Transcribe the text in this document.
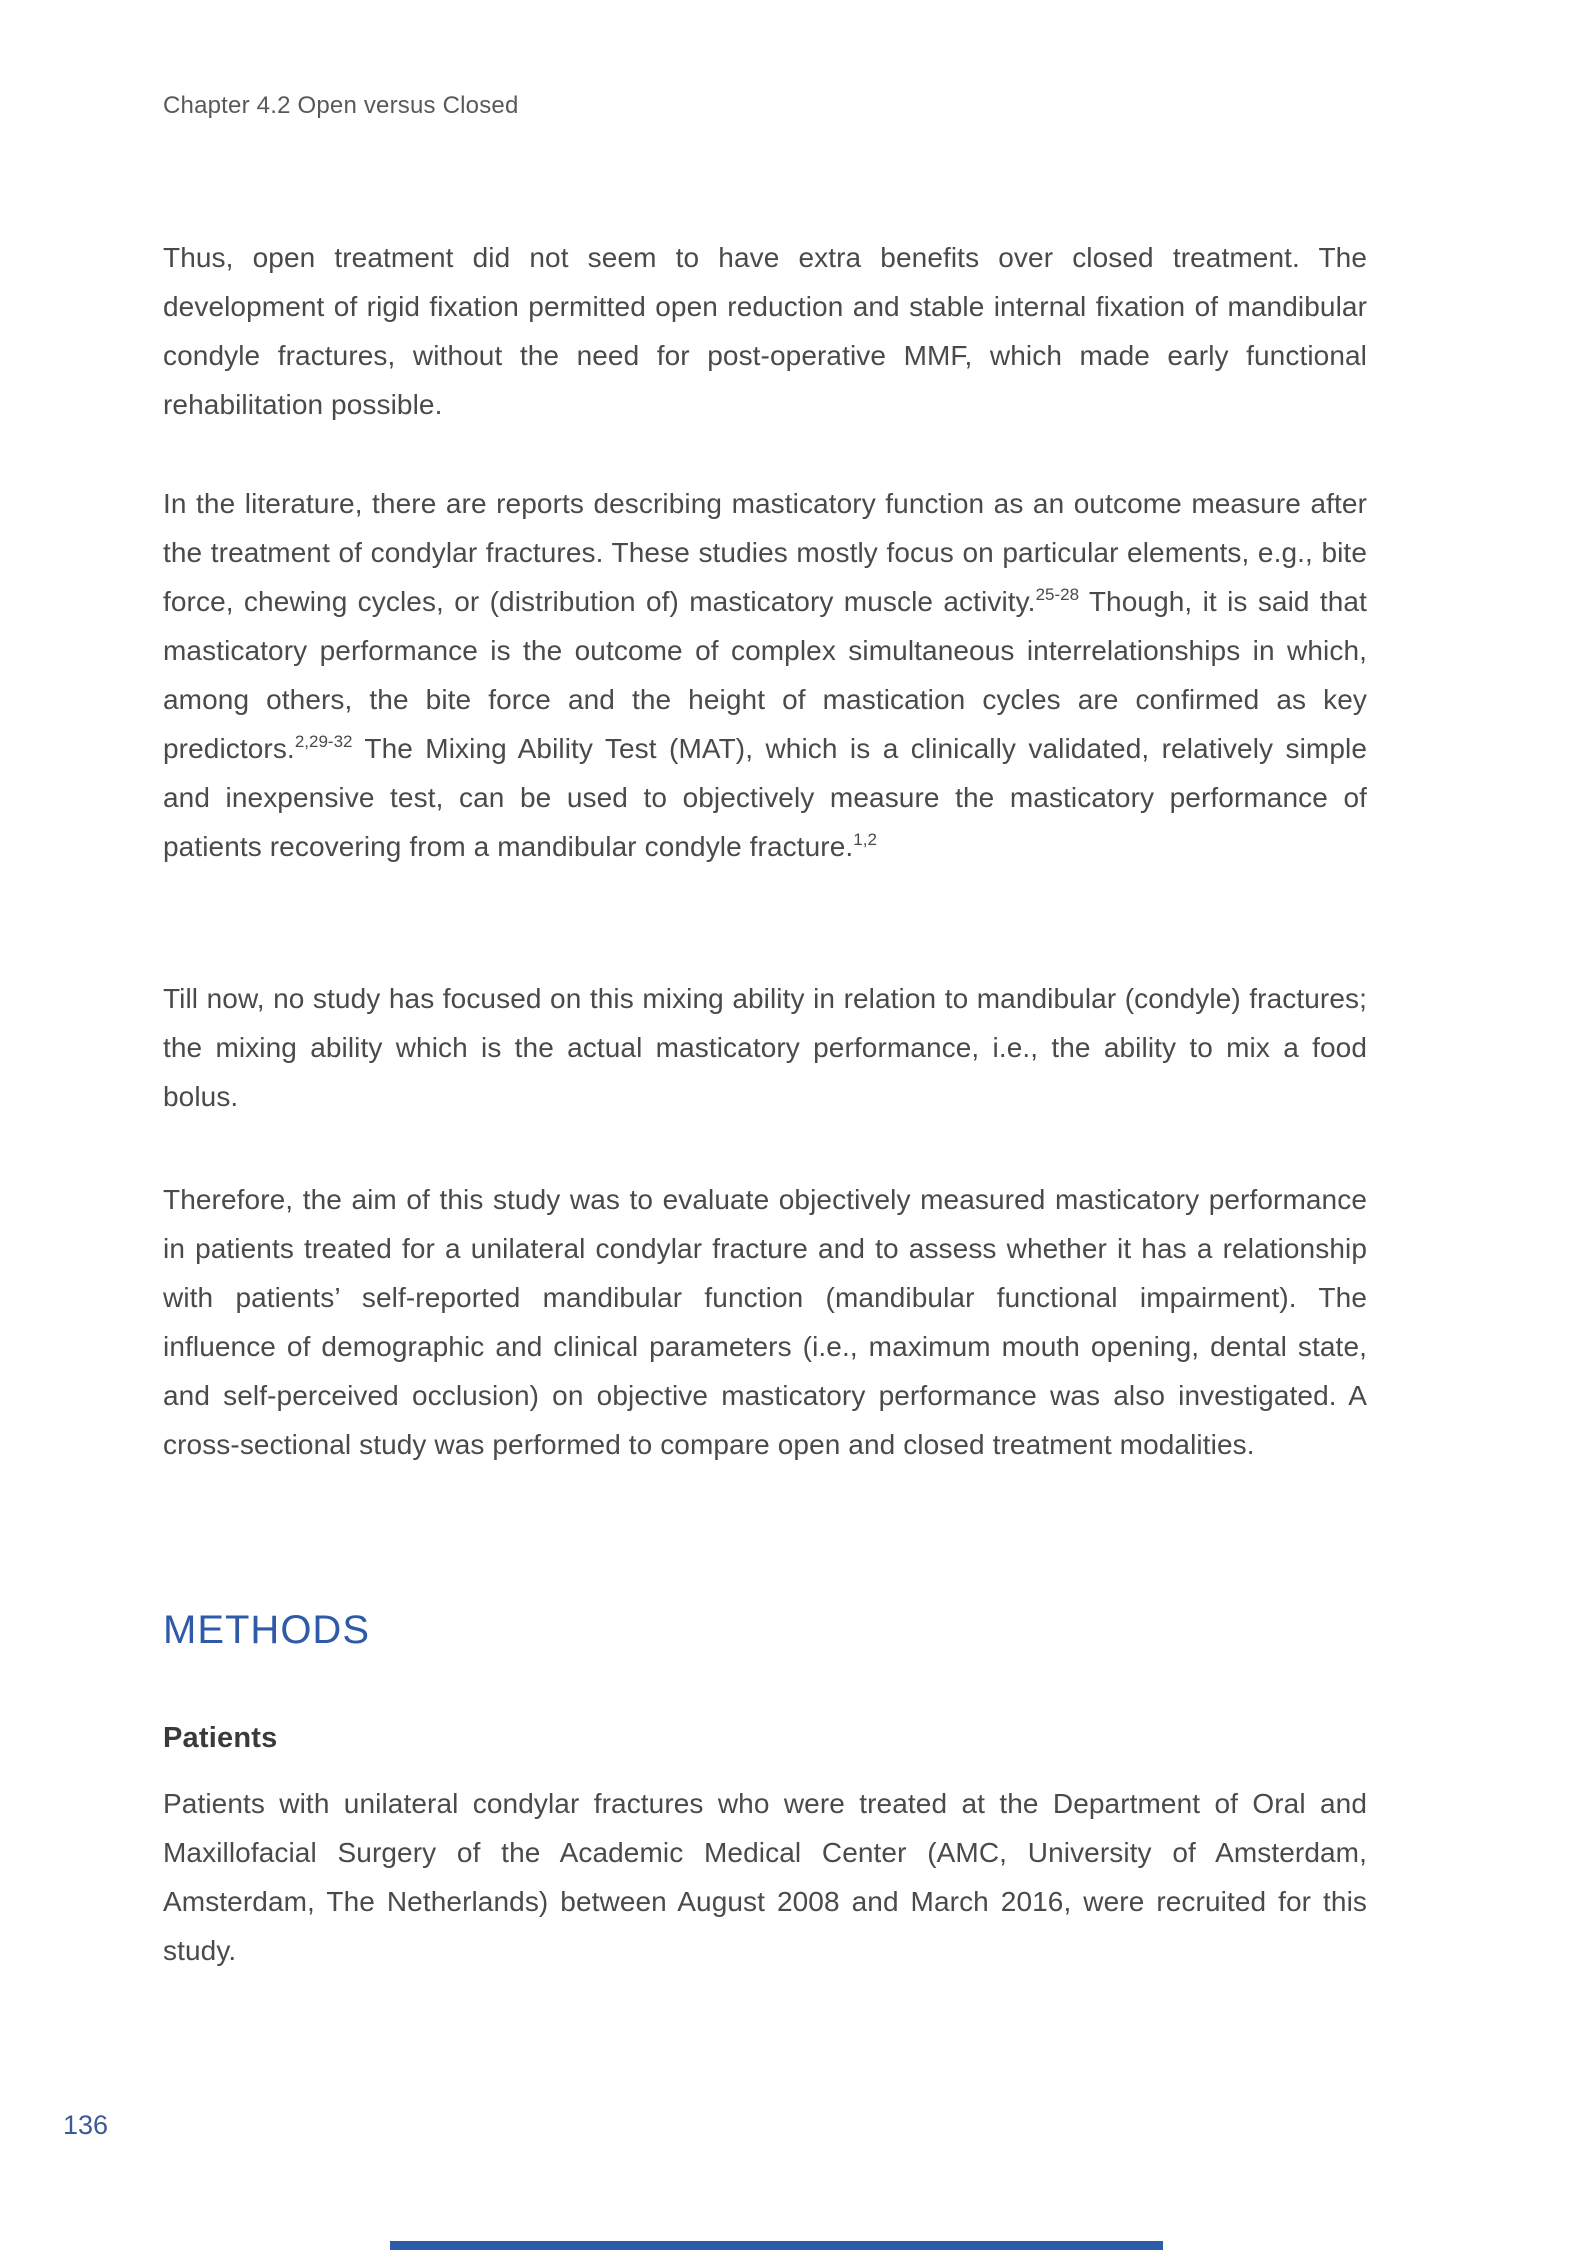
Chapter 4.2 Open versus Closed

Thus, open treatment did not seem to have extra benefits over closed treatment. The development of rigid fixation permitted open reduction and stable internal fixation of mandibular condyle fractures, without the need for post-operative MMF, which made early functional rehabilitation possible.

In the literature, there are reports describing masticatory function as an outcome measure after the treatment of condylar fractures. These studies mostly focus on particular elements, e.g., bite force, chewing cycles, or (distribution of) masticatory muscle activity.$^{25-28}$ Though, it is said that masticatory performance is the outcome of complex simultaneous interrelationships in which, among others, the bite force and the height of mastication cycles are confirmed as key predictors.$^{2,29-32}$ The Mixing Ability Test (MAT), which is a clinically validated, relatively simple and inexpensive test, can be used to objectively measure the masticatory performance of patients recovering from a mandibular condyle fracture.$^{1,2}$

Till now, no study has focused on this mixing ability in relation to mandibular (condyle) fractures; the mixing ability which is the actual masticatory performance, i.e., the ability to mix a food bolus.

Therefore, the aim of this study was to evaluate objectively measured masticatory performance in patients treated for a unilateral condylar fracture and to assess whether it has a relationship with patients’ self-reported mandibular function (mandibular functional impairment). The influence of demographic and clinical parameters (i.e., maximum mouth opening, dental state, and self-perceived occlusion) on objective masticatory performance was also investigated. A cross-sectional study was performed to compare open and closed treatment modalities.

METHODS
Patients

Patients with unilateral condylar fractures who were treated at the Department of Oral and Maxillofacial Surgery of the Academic Medical Center (AMC, University of Amsterdam, Amsterdam, The Netherlands) between August 2008 and March 2016, were recruited for this study.

136
